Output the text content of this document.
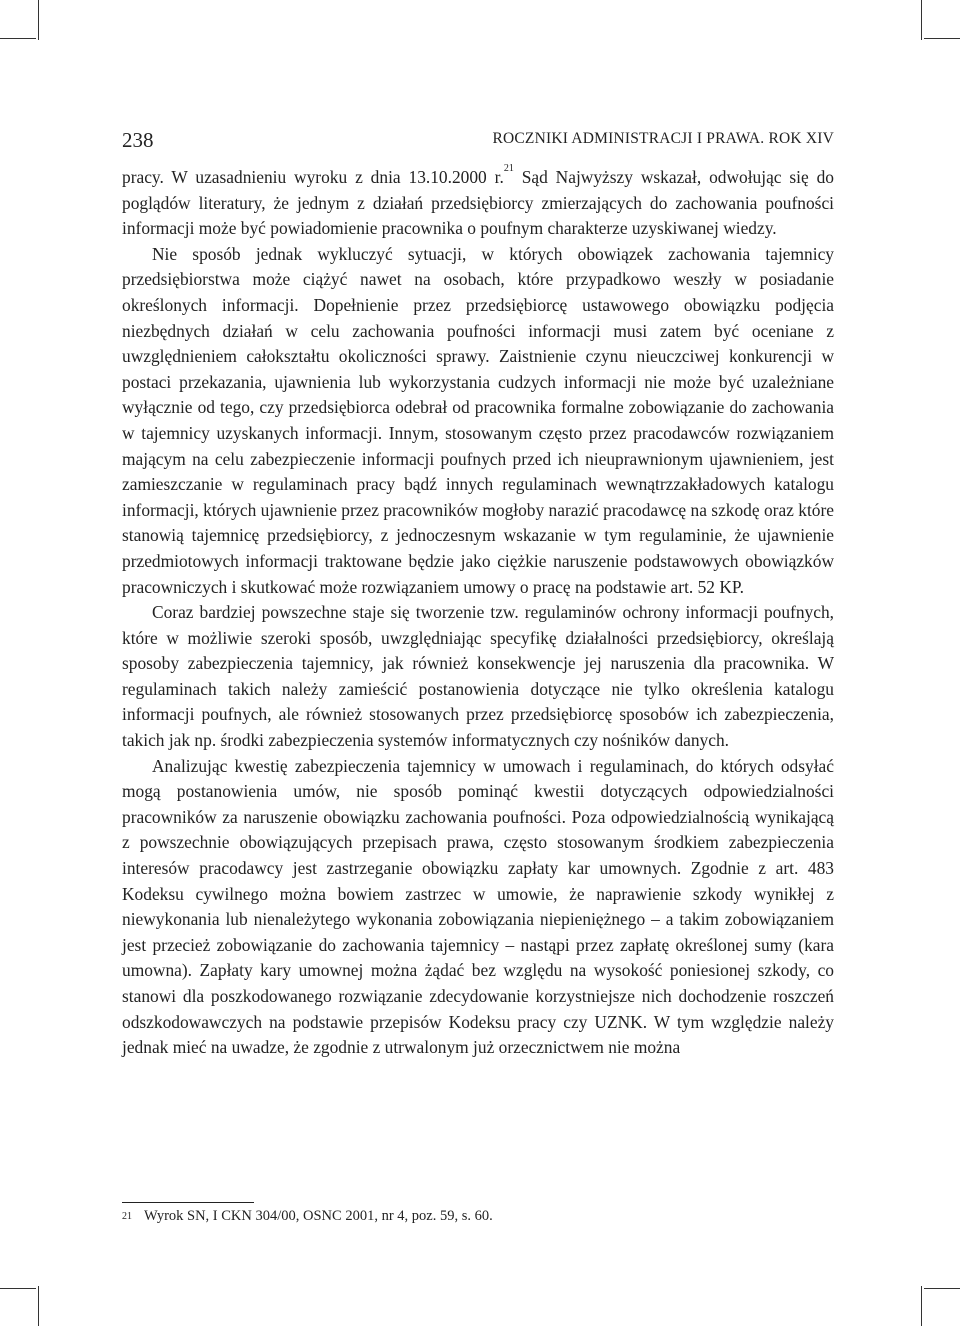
238	ROCZNIKI ADMINISTRACJI I PRAWA. ROK XIV

pracy. W uzasadnieniu wyroku z dnia 13.10.2000 r.$^{21}$ Sąd Najwyższy wskazał, odwołując się do poglądów literatury, że jednym z działań przedsiębiorcy zmierzających do zachowania poufności informacji może być powiadomienie pracownika o poufnym charakterze uzyskiwanej wiedzy.

Nie sposób jednak wykluczyć sytuacji, w których obowiązek zachowania tajemnicy przedsiębiorstwa może ciążyć nawet na osobach, które przypadkowo weszły w posiadanie określonych informacji. Dopełnienie przez przedsiębiorcę ustawowego obowiązku podjęcia niezbędnych działań w celu zachowania poufności informacji musi zatem być oceniane z uwzględnieniem całokształtu okoliczności sprawy. Zaistnienie czynu nieuczciwej konkurencji w postaci przekazania, ujawnienia lub wykorzystania cudzych informacji nie może być uzależniane wyłącznie od tego, czy przedsiębiorca odebrał od pracownika formalne zobowiązanie do zachowania w tajemnicy uzyskanych informacji. Innym, stosowanym często przez pracodawców rozwiązaniem mającym na celu zabezpieczenie informacji poufnych przed ich nieuprawnionym ujawnieniem, jest zamieszczanie w regulaminach pracy bądź innych regulaminach wewnątrzzakładowych katalogu informacji, których ujawnienie przez pracowników mogłoby narazić pracodawcę na szkodę oraz które stanowią tajemnicę przedsiębiorcy, z jednoczesnym wskazanie w tym regulaminie, że ujawnienie przedmiotowych informacji traktowane będzie jako ciężkie naruszenie podstawowych obowiązków pracowniczych i skutkować może rozwiązaniem umowy o pracę na podstawie art. 52 KP.

Coraz bardziej powszechne staje się tworzenie tzw. regulaminów ochrony informacji poufnych, które w możliwie szeroki sposób, uwzględniając specyfikę działalności przedsiębiorcy, określają sposoby zabezpieczenia tajemnicy, jak również konsekwencje jej naruszenia dla pracownika. W regulaminach takich należy zamieścić postanowienia dotyczące nie tylko określenia katalogu informacji poufnych, ale również stosowanych przez przedsiębiorcę sposobów ich zabezpieczenia, takich jak np. środki zabezpieczenia systemów informatycznych czy nośników danych.

Analizując kwestię zabezpieczenia tajemnicy w umowach i regulaminach, do których odsyłać mogą postanowienia umów, nie sposób pominąć kwestii dotyczących odpowiedzialności pracowników za naruszenie obowiązku zachowania poufności. Poza odpowiedzialnością wynikającą z powszechnie obowiązujących przepisach prawa, często stosowanym środkiem zabezpieczenia interesów pracodawcy jest zastrzeganie obowiązku zapłaty kar umownych. Zgodnie z art. 483 Kodeksu cywilnego można bowiem zastrzec w umowie, że naprawienie szkody wynikłej z niewykonania lub nienależytego wykonania zobowiązania niepieniężnego – a takim zobowiązaniem jest przecież zobowiązanie do zachowania tajemnicy – nastąpi przez zapłatę określonej sumy (kara umowna). Zapłaty kary umownej można żądać bez względu na wysokość poniesionej szkody, co stanowi dla poszkodowanego rozwiązanie zdecydowanie korzystniejsze nich dochodzenie roszczeń odszkodowawczych na podstawie przepisów Kodeksu pracy czy UZNK. W tym względzie należy jednak mieć na uwadze, że zgodnie z utrwalonym już orzecznictwem nie można

21 Wyrok SN, I CKN 304/00, OSNC 2001, nr 4, poz. 59, s. 60.
